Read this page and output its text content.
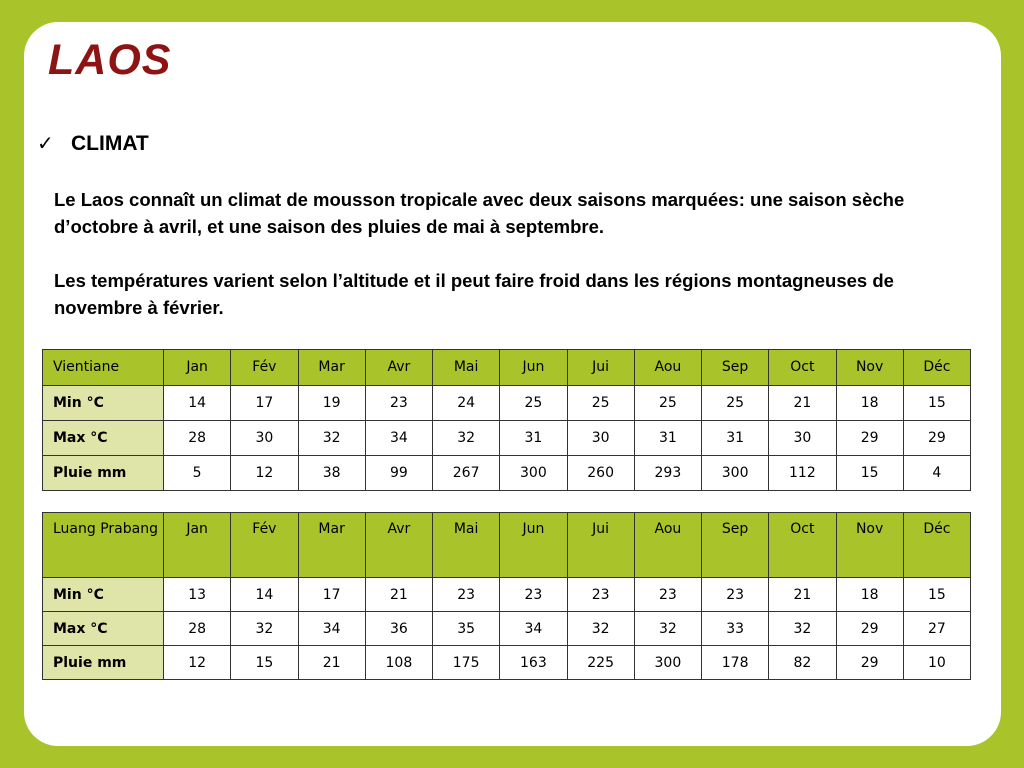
LAOS
✓ CLIMAT

Le Laos connaît un climat de mousson tropicale avec deux saisons marquées: une saison sèche d’octobre à avril, et une saison des pluies de mai à septembre.

Les températures varient selon l’altitude et il peut faire froid dans les régions montagneuses de novembre à février.

Vientiane	Jan	Fév	Mar	Avr	Mai	Jun	Jui	Aou	Sep	Oct	Nov	Déc
Min °C	14	17	19	23	24	25	25	25	25	21	18	15
Max °C	28	30	32	34	32	31	30	31	31	30	29	29
Pluie mm	5	12	38	99	267	300	260	293	300	112	15	4
Luang Prabang	Jan	Fév	Mar	Avr	Mai	Jun	Jui	Aou	Sep	Oct	Nov	Déc
Min °C	13	14	17	21	23	23	23	23	23	21	18	15
Max °C	28	32	34	36	35	34	32	32	33	32	29	27
Pluie mm	12	15	21	108	175	163	225	300	178	82	29	10
